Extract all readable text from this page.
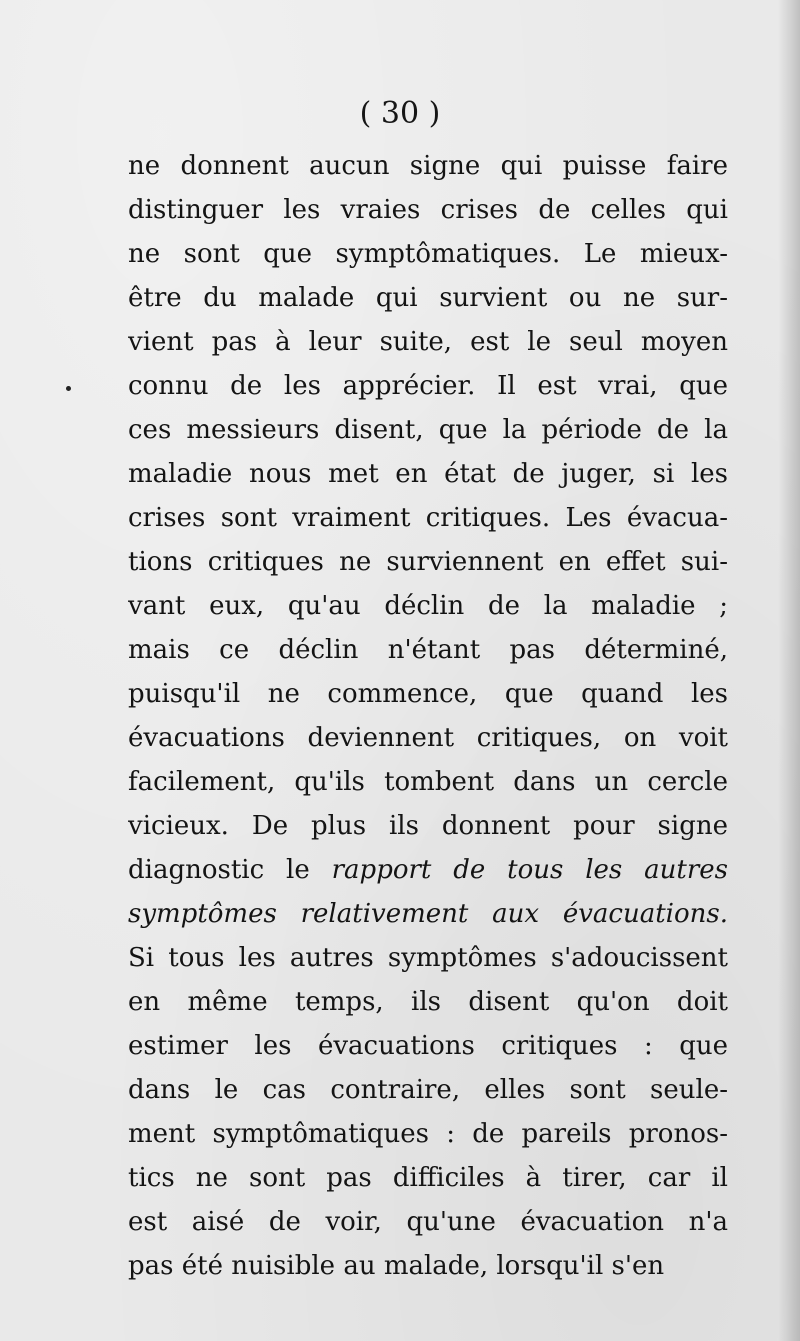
( 30 )

ne donnent aucun signe qui puisse faire
distinguer les vraies crises de celles qui
ne sont que symptômatiques. Le mieux-
être du malade qui survient ou ne sur-
vient pas à leur suite, est le seul moyen
connu de les apprécier. Il est vrai, que
ces messieurs disent, que la période de la
maladie nous met en état de juger, si les
crises sont vraiment critiques. Les évacua-
tions critiques ne surviennent en effet sui-
vant eux, qu'au déclin de la maladie ;
mais ce déclin n'étant pas déterminé,
puisqu'il ne commence, que quand les
évacuations deviennent critiques, on voit
facilement, qu'ils tombent dans un cercle
vicieux. De plus ils donnent pour signe
diagnostic le rapport de tous les autres
symptômes relativement aux évacuations.
Si tous les autres symptômes s'adoucissent
en même temps, ils disent qu'on doit
estimer les évacuations critiques : que
dans le cas contraire, elles sont seule-
ment symptômatiques : de pareils pronos-
tics ne sont pas difficiles à tirer, car il
est aisé de voir, qu'une évacuation n'a
pas été nuisible au malade, lorsqu'il s'en
